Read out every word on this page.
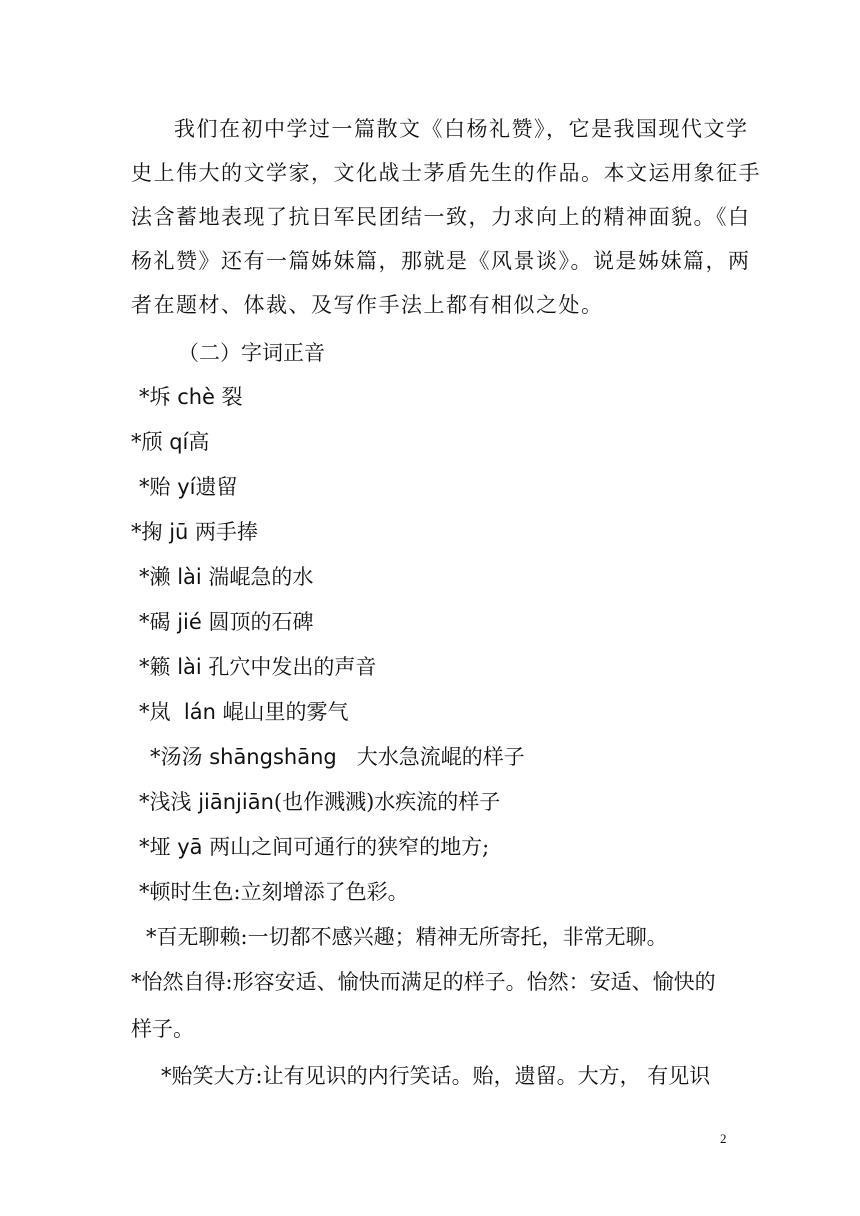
我们在初中学过一篇散文《白杨礼赞》，它是我国现代文学
史上伟大的文学家，文化战士茅盾先生的作品。本文运用象征手
法含蓄地表现了抗日军民团结一致，力求向上的精神面貌。《白
杨礼赞》还有一篇姊妹篇，那就是《风景谈》。说是姊妹篇，两
者在题材、体裁、及写作手法上都有相似之处。
（二）字词正音
*坼 chè 裂
*颀 qí高
*贻 yí遗留
*掬 jū 两手捧
*濑 lài 湍崐急的水
*碣 jié 圆顶的石碑
*籁 lài 孔穴中发出的声音
*岚 lán 崐山里的雾气
*汤汤 shāngshāng 大水急流崐的样子
*浅浅 jiānjiān(也作溅溅)水疾流的样子
*垭 yā 两山之间可通行的狭窄的地方;
*顿时生色:立刻增添了色彩。
*百无聊赖:一切都不感兴趣；精神无所寄托，非常无聊。
*怡然自得:形容安适、愉快而满足的样子。怡然：安适、愉快的
样子。
*贻笑大方:让有见识的内行笑话。贻，遗留。大方， 有见识
2
